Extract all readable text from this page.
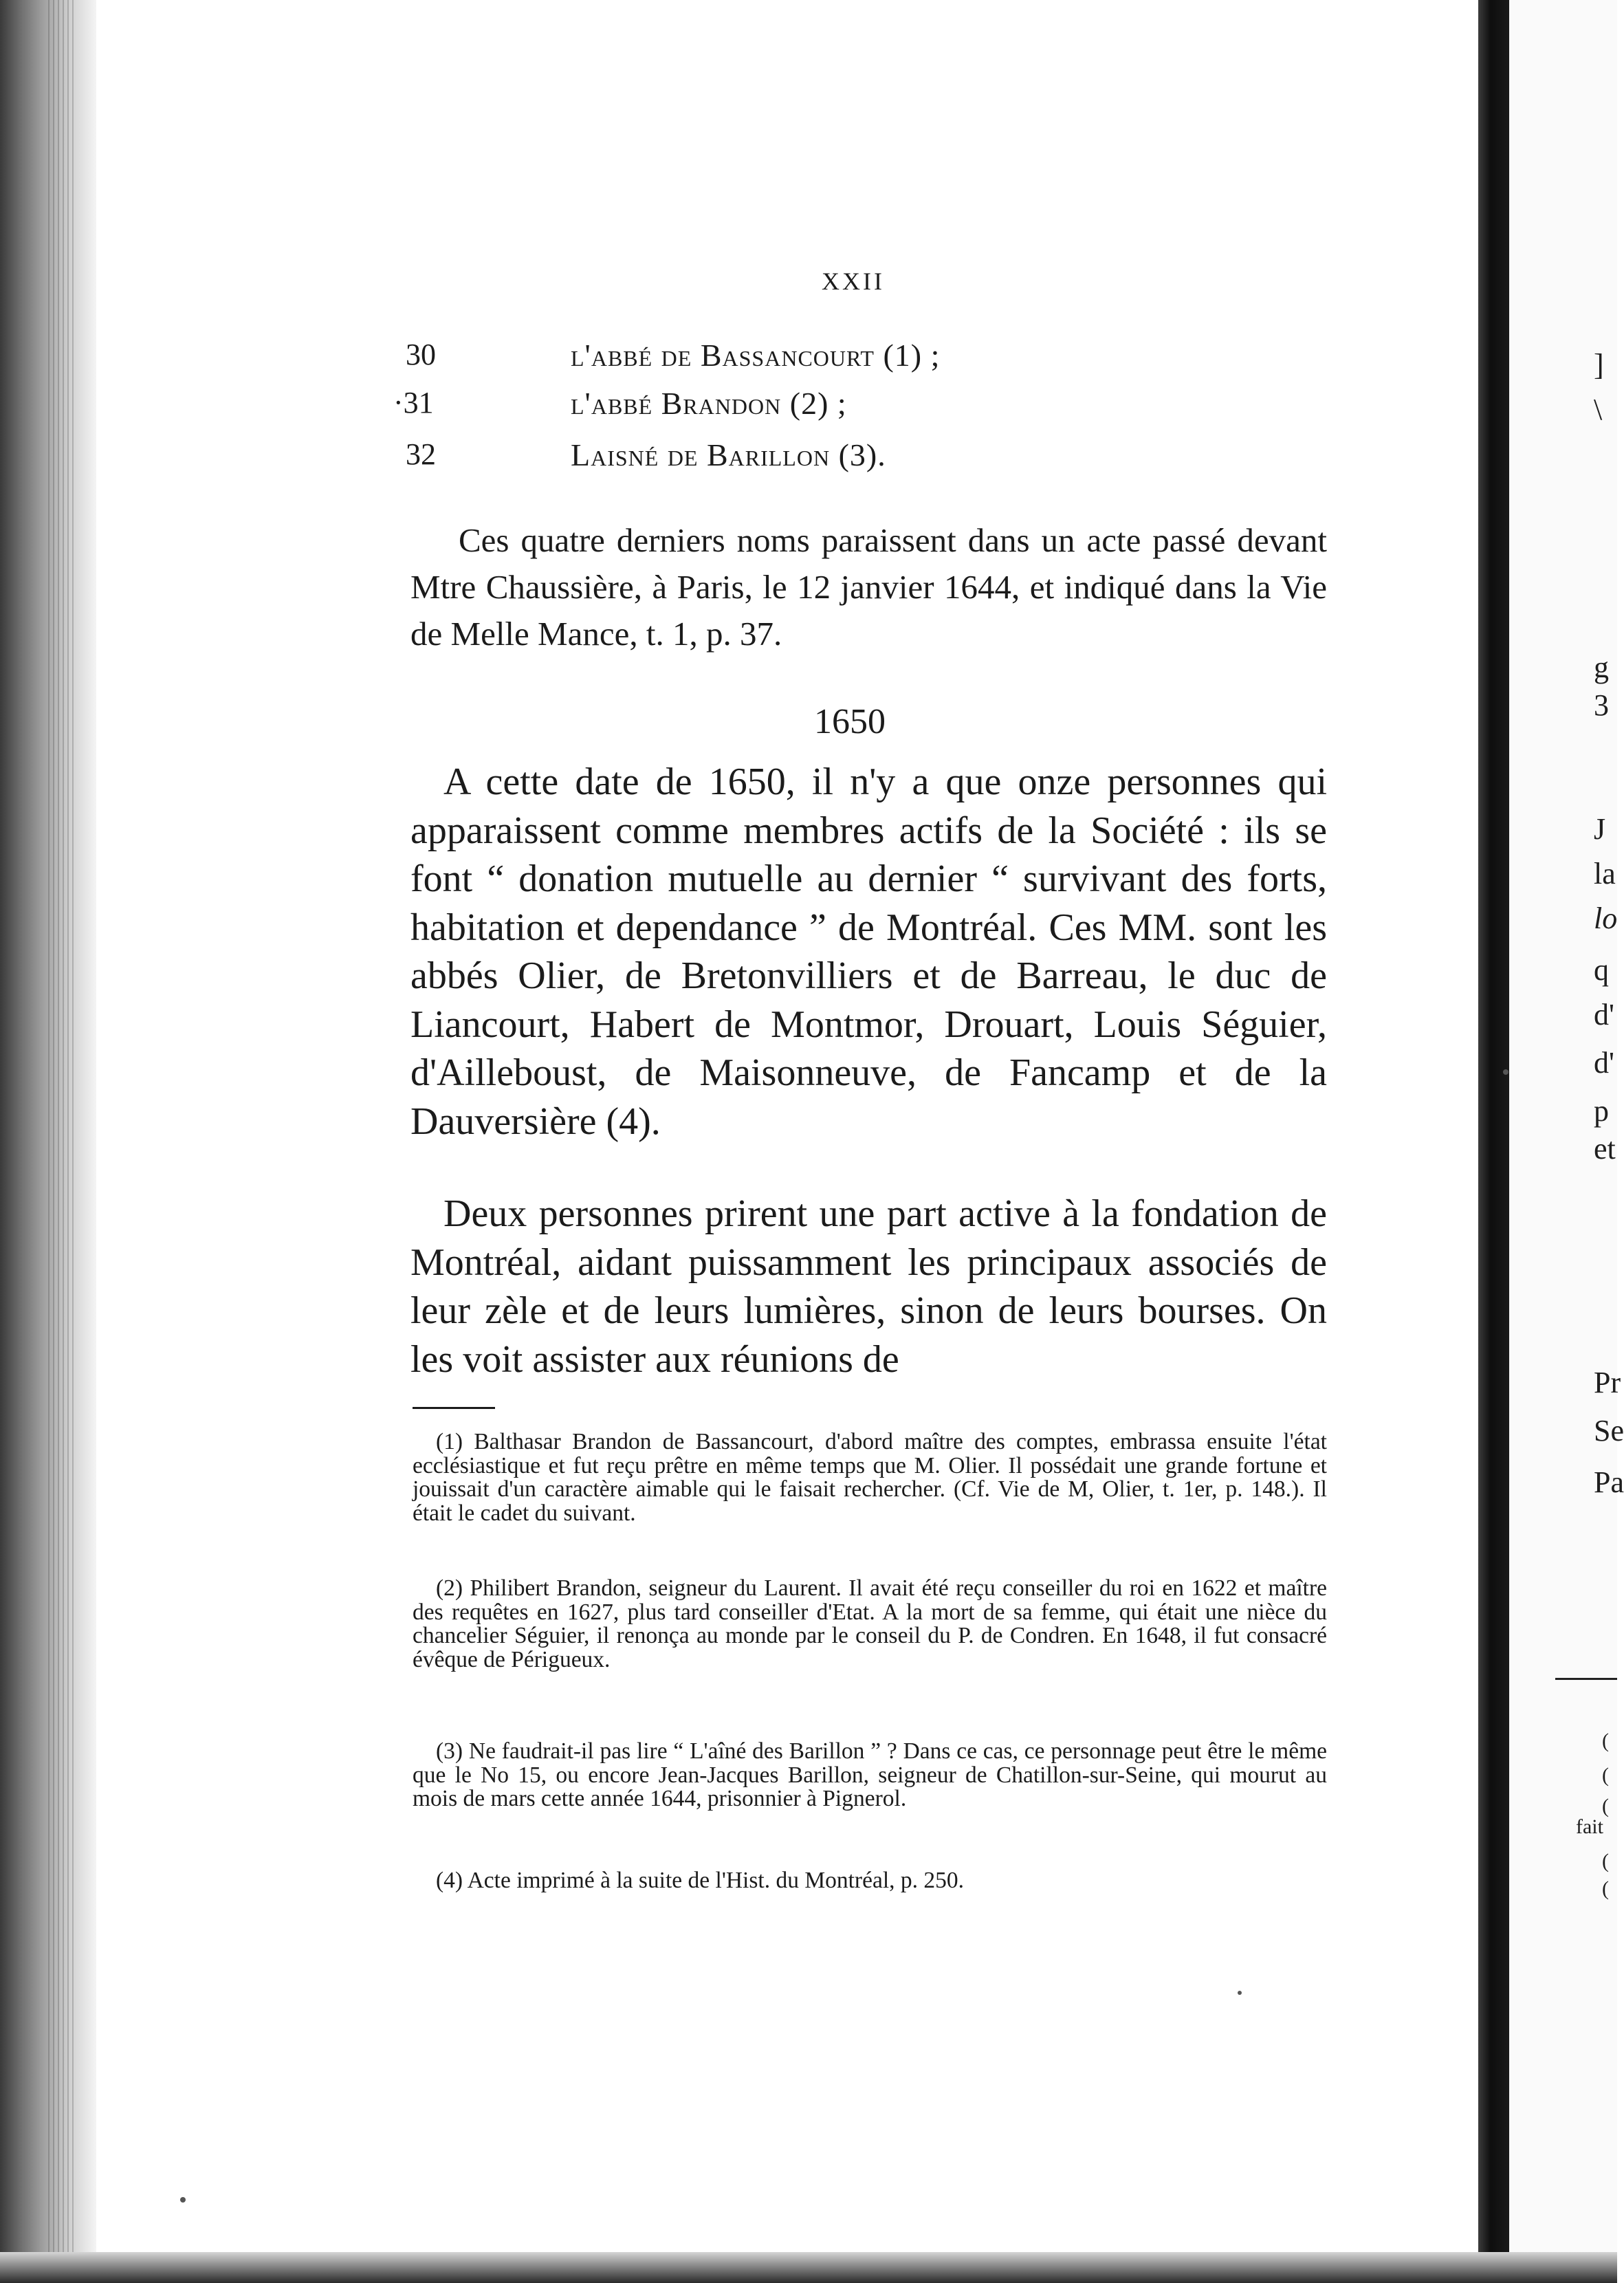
]
\
g
3
J
la
lo
q
d'
d'
p
et
Pr
Se
Pa
(
(
(
fait
(
(
XXII
30	l'abbé de Bassancourt (1) ;
·31	l'abbé Brandon (2) ;
32	Laisné de Barillon (3).

Ces quatre derniers noms paraissent dans un acte passé devant Mtre Chaussière, à Paris, le 12 janvier 1644, et indiqué dans la Vie de Melle Mance, t. 1, p. 37.

1650

A cette date de 1650, il n'y a que onze personnes qui apparaissent comme membres actifs de la Société : ils se font “ donation mutuelle au dernier “ survivant des forts, habitation et dependance ” de Montréal. Ces MM. sont les abbés Olier, de Bretonvilliers et de Barreau, le duc de Liancourt, Habert de Montmor, Drouart, Louis Séguier, d'Ailleboust, de Maisonneuve, de Fancamp et de la Dauversière (4).

Deux personnes prirent une part active à la fondation de Montréal, aidant puissamment les principaux associés de leur zèle et de leurs lumières, sinon de leurs bourses. On les voit assister aux réunions de

(1) Balthasar Brandon de Bassancourt, d'abord maître des comptes, embrassa ensuite l'état ecclésiastique et fut reçu prêtre en même temps que M. Olier. Il possédait une grande fortune et jouissait d'un caractère aimable qui le faisait rechercher. (Cf. Vie de M, Olier, t. 1er, p. 148.). Il était le cadet du suivant.

(2) Philibert Brandon, seigneur du Laurent. Il avait été reçu conseiller du roi en 1622 et maître des requêtes en 1627, plus tard conseiller d'Etat. A la mort de sa femme, qui était une nièce du chancelier Séguier, il renonça au monde par le conseil du P. de Condren. En 1648, il fut consacré évêque de Périgueux.

(3) Ne faudrait-il pas lire “ L'aîné des Barillon ” ? Dans ce cas, ce personnage peut être le même que le No 15, ou encore Jean-Jacques Barillon, seigneur de Chatillon-sur-Seine, qui mourut au mois de mars cette année 1644, prisonnier à Pignerol.

(4) Acte imprimé à la suite de l'Hist. du Montréal, p. 250.
